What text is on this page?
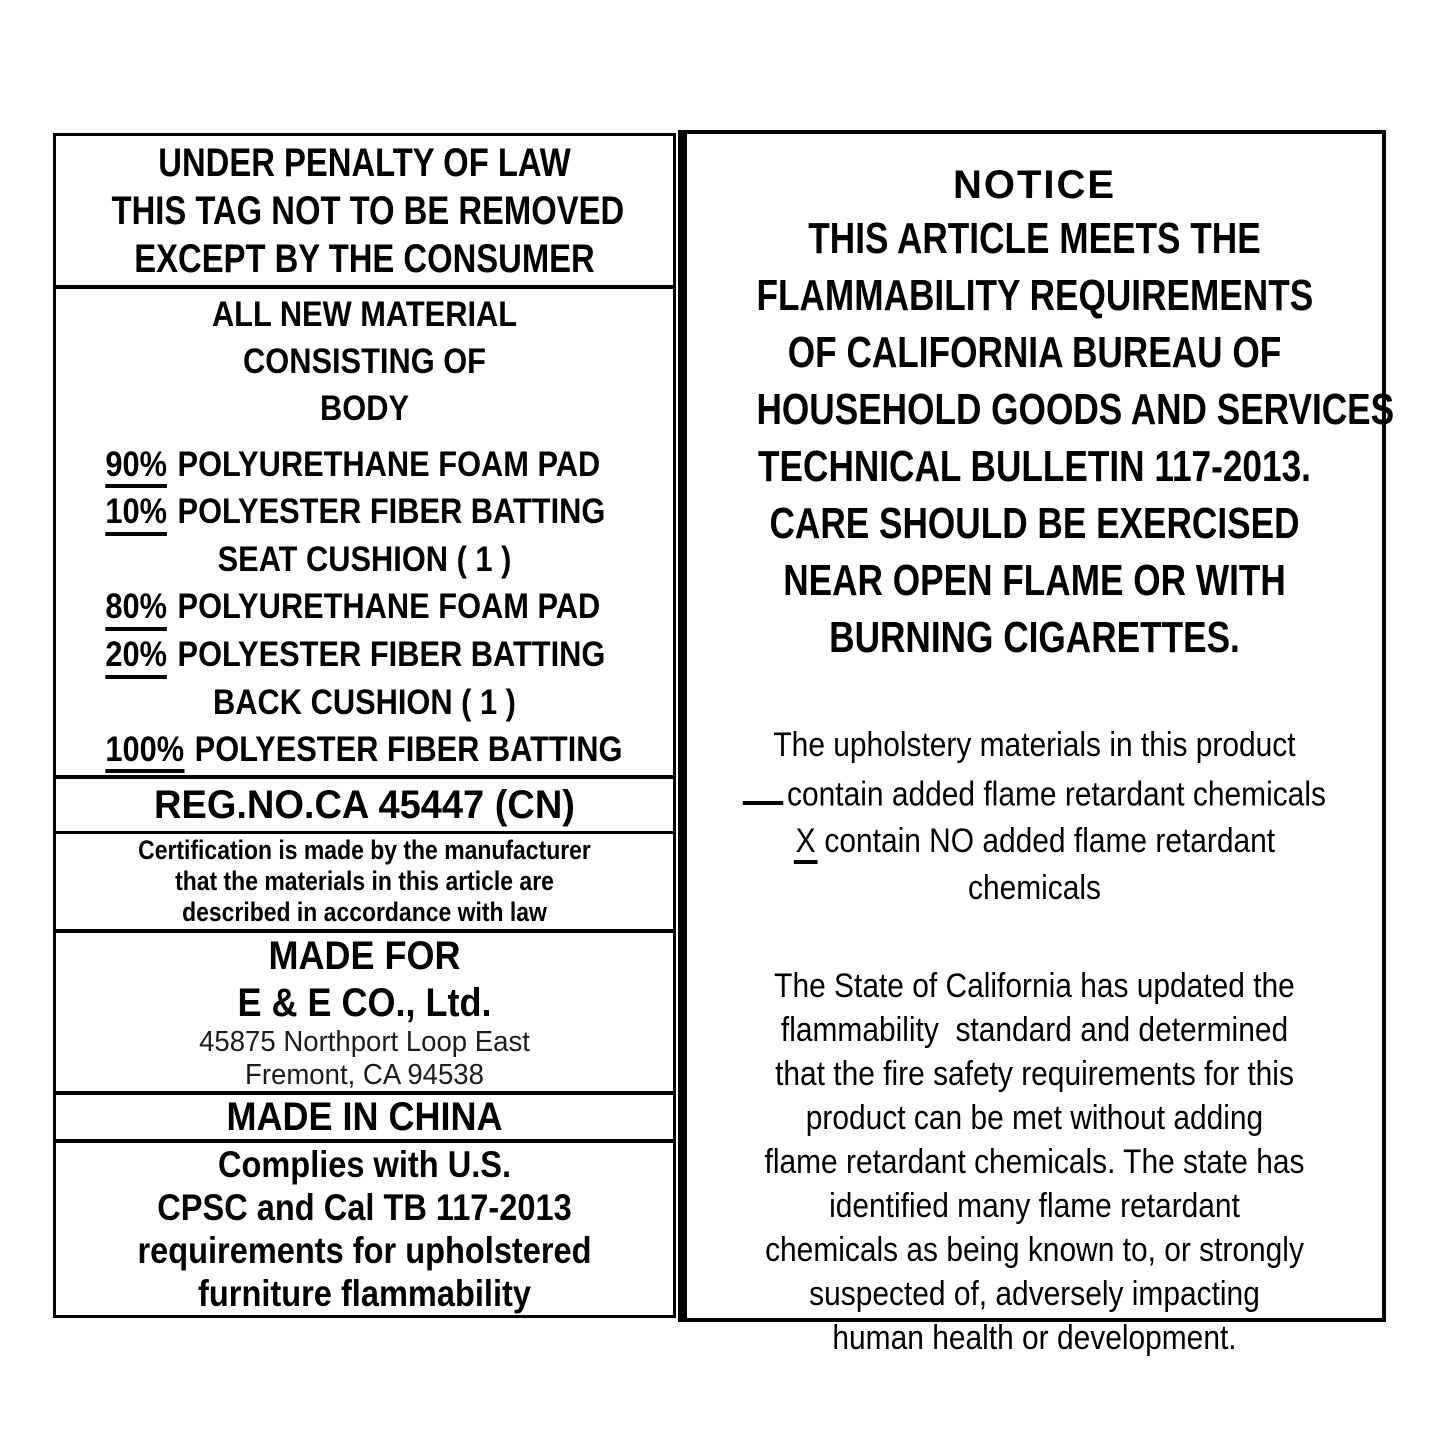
UNDER PENALTY OF LAW
THIS TAG NOT TO BE REMOVED
EXCEPT BY THE CONSUMER
ALL NEW MATERIAL
CONSISTING OF
BODY
90% POLYURETHANE FOAM PAD
10% POLYESTER FIBER BATTING
SEAT CUSHION ( 1 )
80% POLYURETHANE FOAM PAD
20% POLYESTER FIBER BATTING
BACK CUSHION ( 1 )
100% POLYESTER FIBER BATTING
REG.NO.CA 45447 (CN)
Certification is made by the manufacturer
that the materials in this article are
described in accordance with law
MADE FOR
E & E CO., Ltd.
45875 Northport Loop East
Fremont, CA 94538
MADE IN CHINA
Complies with U.S.
CPSC and Cal TB 117-2013
requirements for upholstered
furniture flammability
NOTICE
THIS ARTICLE MEETS THE
FLAMMABILITY REQUIREMENTS
OF CALIFORNIA BUREAU OF
HOUSEHOLD GOODS AND SERVICES
TECHNICAL BULLETIN 117-2013.
CARE SHOULD BE EXERCISED
NEAR OPEN FLAME OR WITH
BURNING CIGARETTES.
The upholstery materials in this product
contain added flame retardant chemicals
X contain NO added flame retardant
chemicals
The State of California has updated the
flammability  standard and determined
that the fire safety requirements for this
product can be met without adding
flame retardant chemicals. The state has
identified many flame retardant
chemicals as being known to, or strongly
suspected of, adversely impacting
human health or development.
